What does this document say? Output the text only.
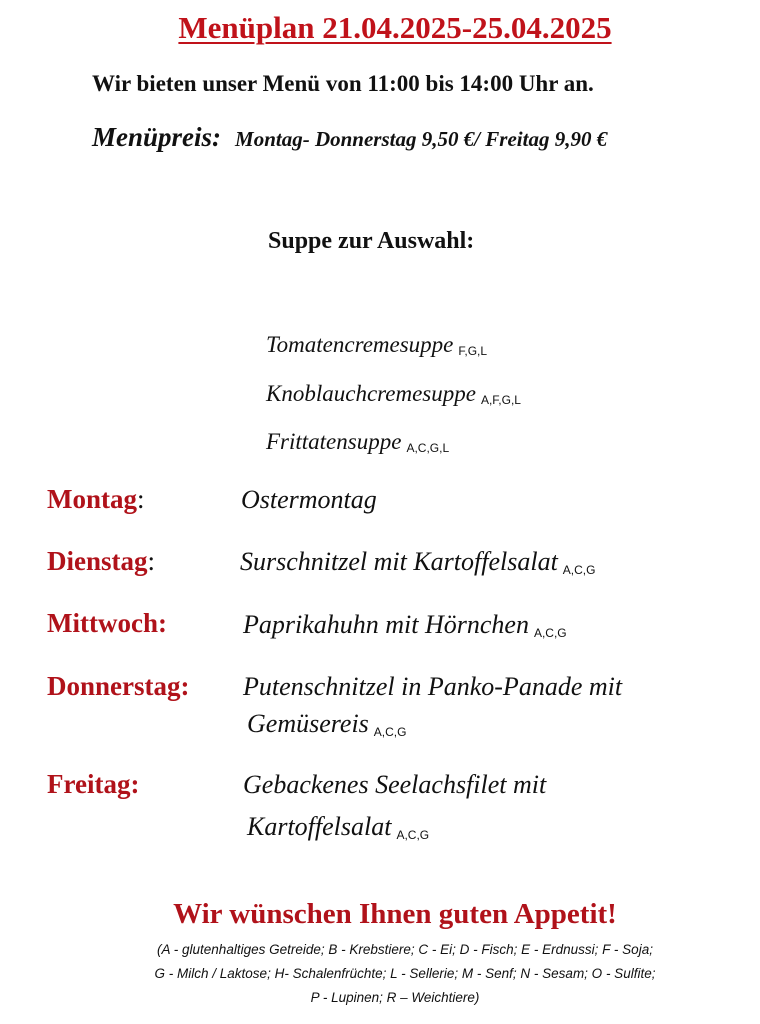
Menüplan 21.04.2025-25.04.2025
Wir bieten unser Menü von 11:00 bis 14:00 Uhr an.
Menüpreis: Montag- Donnerstag 9,50 €/ Freitag 9,90 €
Suppe zur Auswahl:
Tomatencremesuppe F,G,L
Knoblauchcremesuppe A,F,G,L
Frittatensuppe A,C,G,L
Montag:	Ostermontag
Dienstag:	Surschnitzel mit Kartoffelsalat A,C,G
Mittwoch:	Paprikahuhn mit Hörnchen A,C,G
Donnerstag: Putenschnitzel in Panko-Panade mit
Gemüsereis A,C,G
Freitag:	Gebackenes Seelachsfilet mit
Kartoffelsalat A,C,G
Wir wünschen Ihnen guten Appetit!
(A - glutenhaltiges Getreide; B - Krebstiere; C - Ei; D - Fisch; E - Erdnussi; F - Soja;
G - Milch / Laktose; H- Schalenfrüchte; L - Sellerie; M - Senf; N - Sesam; O - Sulfite;
P - Lupinen; R – Weichtiere)
